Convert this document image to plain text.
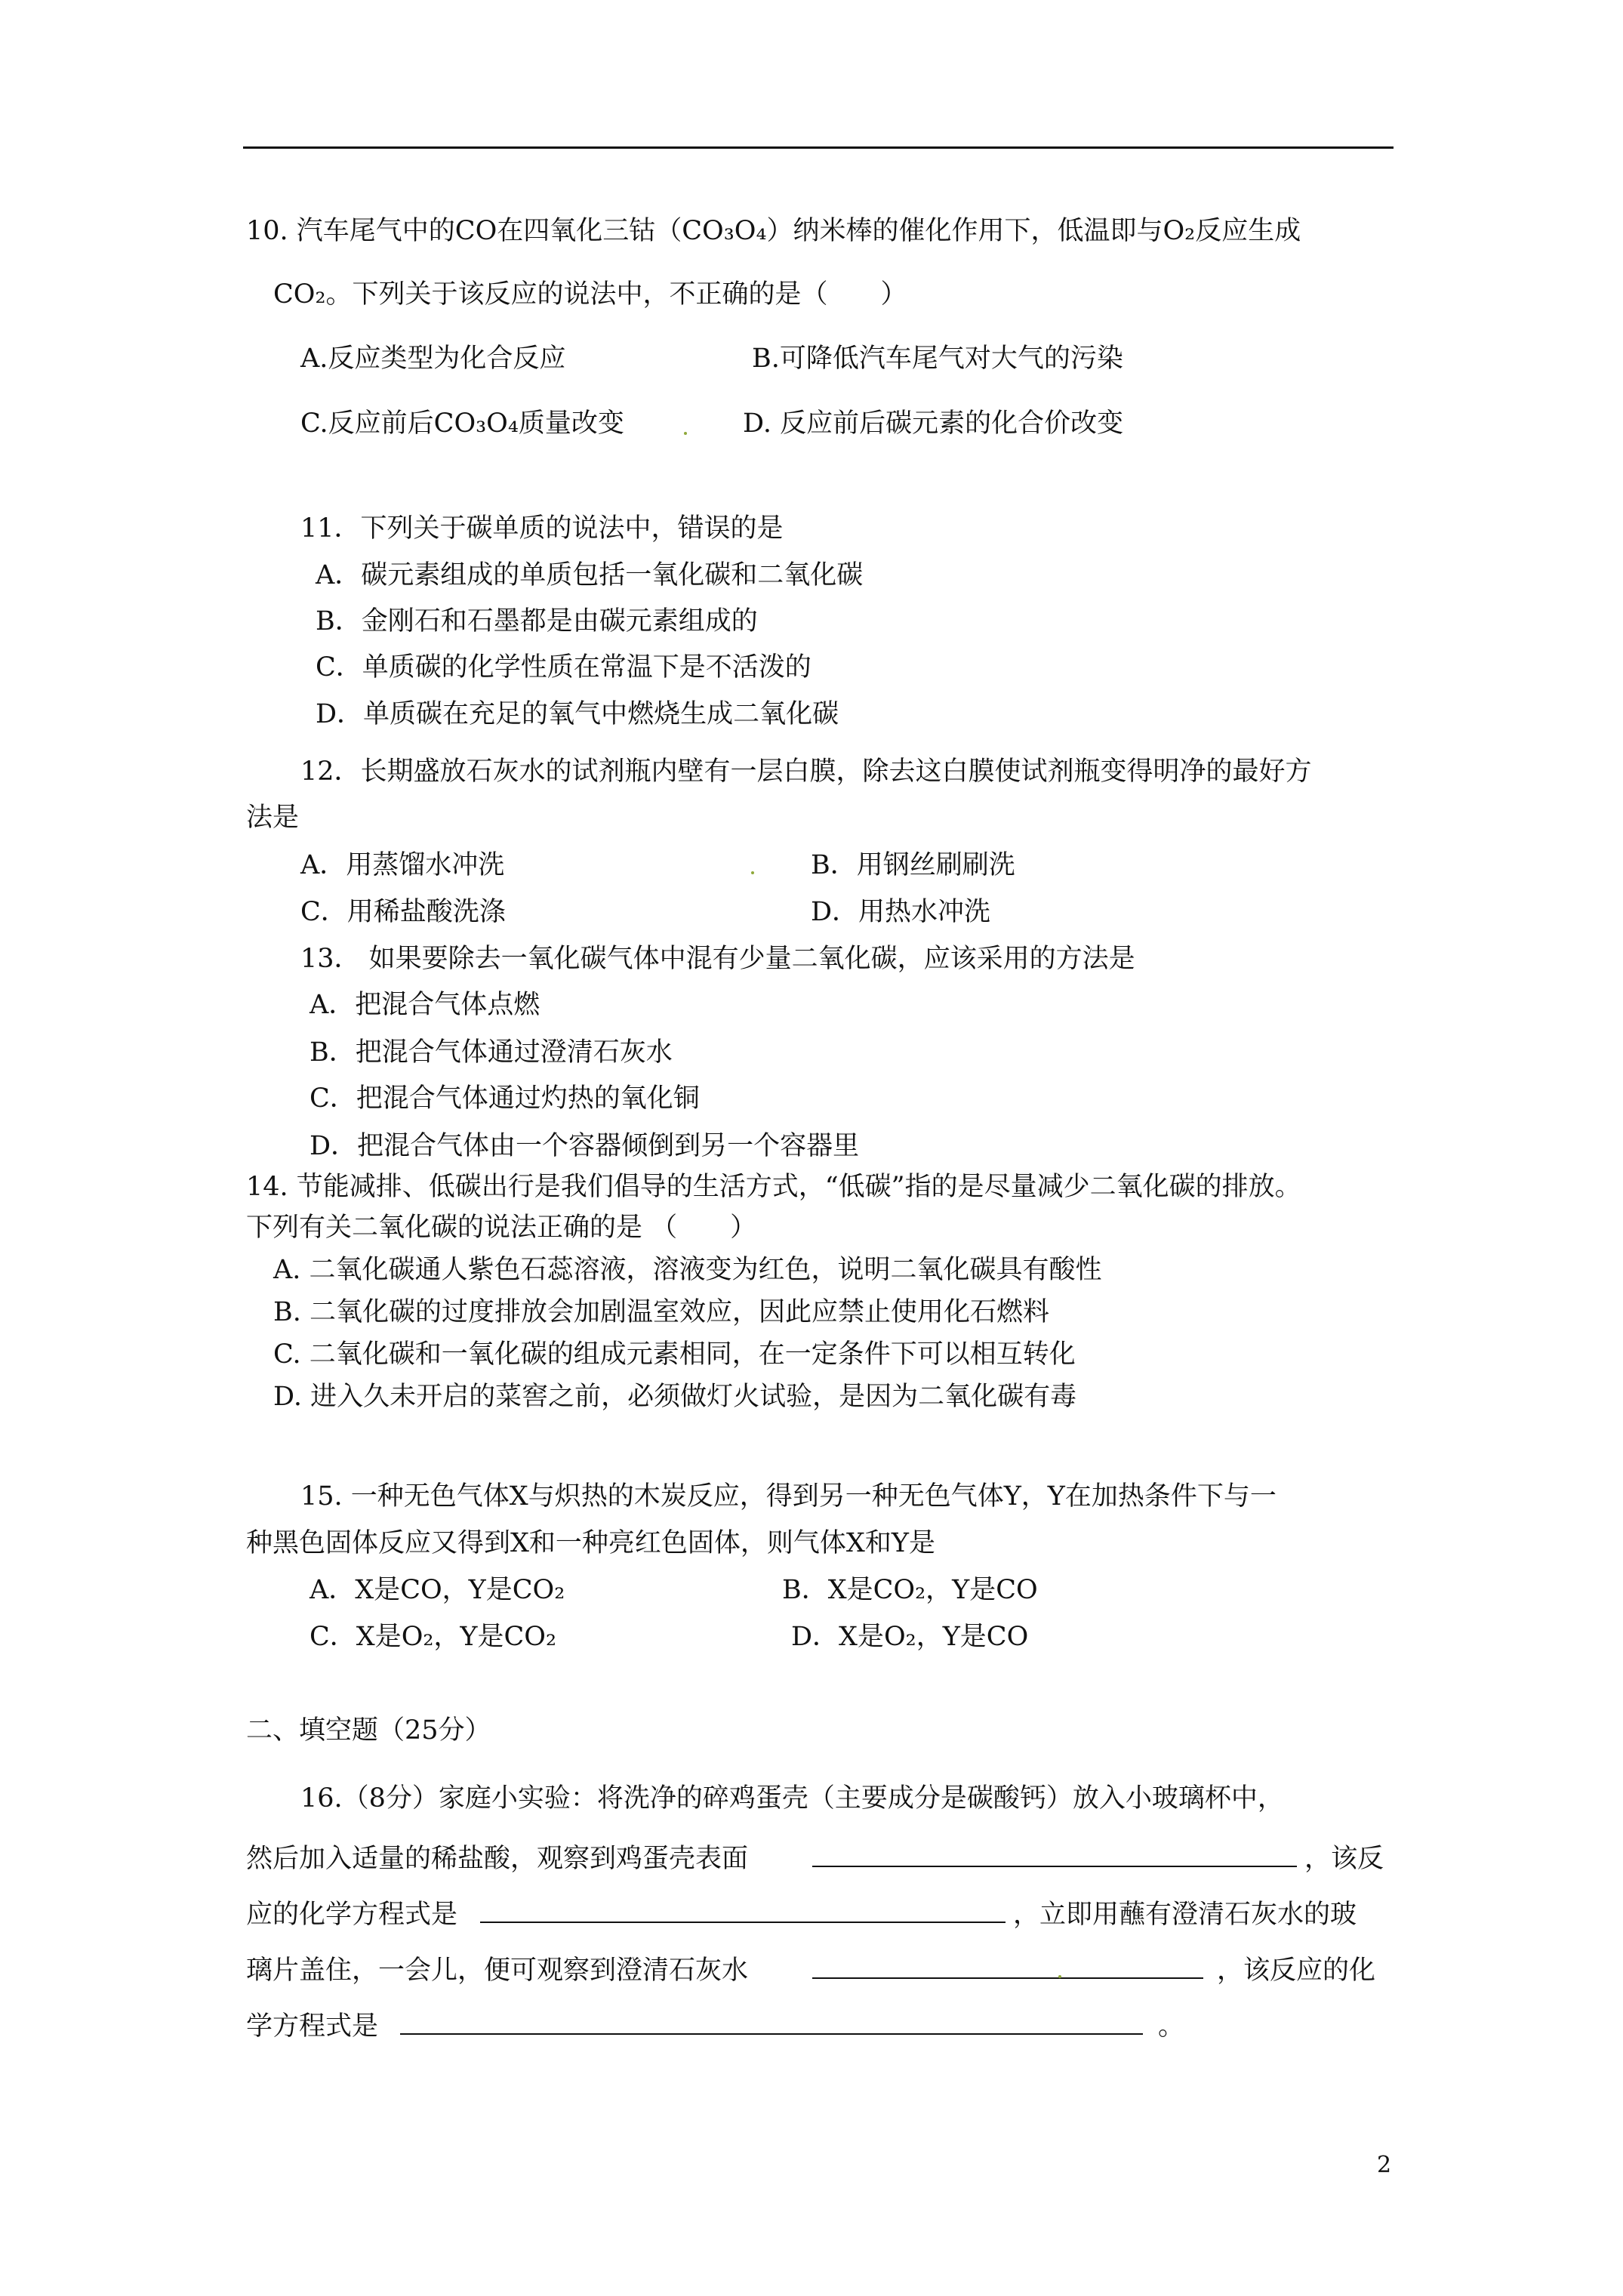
10. 汽车尾气中的CO在四氧化三钴（CO₃O₄）纳米棒的催化作用下，低温即与O₂反应生成
CO₂。下列关于该反应的说法中，不正确的是（　　）
A.反应类型为化合反应	B.可降低汽车尾气对大气的污染
C.反应前后CO₃O₄质量改变	D. 反应前后碳元素的化合价改变
11．下列关于碳单质的说法中，错误的是
A．碳元素组成的单质包括一氧化碳和二氧化碳
B．金刚石和石墨都是由碳元素组成的
C．单质碳的化学性质在常温下是不活泼的
D．单质碳在充足的氧气中燃烧生成二氧化碳
12．长期盛放石灰水的试剂瓶内壁有一层白膜，除去这白膜使试剂瓶变得明净的最好方
法是
A．用蒸馏水冲洗	B．用钢丝刷刷洗
C．用稀盐酸洗涤	D．用热水冲洗
13． 如果要除去一氧化碳气体中混有少量二氧化碳，应该采用的方法是
A．把混合气体点燃
B．把混合气体通过澄清石灰水
C．把混合气体通过灼热的氧化铜
D．把混合气体由一个容器倾倒到另一个容器里
14. 节能减排、低碳出行是我们倡导的生活方式，“低碳”指的是尽量减少二氧化碳的排放。
下列有关二氧化碳的说法正确的是 （　　）
A. 二氧化碳通人紫色石蕊溶液，溶液变为红色，说明二氧化碳具有酸性
B. 二氧化碳的过度排放会加剧温室效应，因此应禁止使用化石燃料
C. 二氧化碳和一氧化碳的组成元素相同，在一定条件下可以相互转化
D. 进入久未开启的菜窖之前，必须做灯火试验，是因为二氧化碳有毒
15. 一种无色气体X与炽热的木炭反应，得到另一种无色气体Y，Y在加热条件下与一
种黑色固体反应又得到X和一种亮红色固体，则气体X和Y是
A．X是CO，Y是CO₂	B．X是CO₂，Y是CO
C．X是O₂，Y是CO₂	D．X是O₂，Y是CO
二、填空题（25分）
16.（8分）家庭小实验：将洗净的碎鸡蛋壳（主要成分是碳酸钙）放入小玻璃杯中，
然后加入适量的稀盐酸，观察到鸡蛋壳表面	，该反
应的化学方程式是	，立即用蘸有澄清石灰水的玻
璃片盖住，一会儿，便可观察到澄清石灰水	，该反应的化
学方程式是	。
2
